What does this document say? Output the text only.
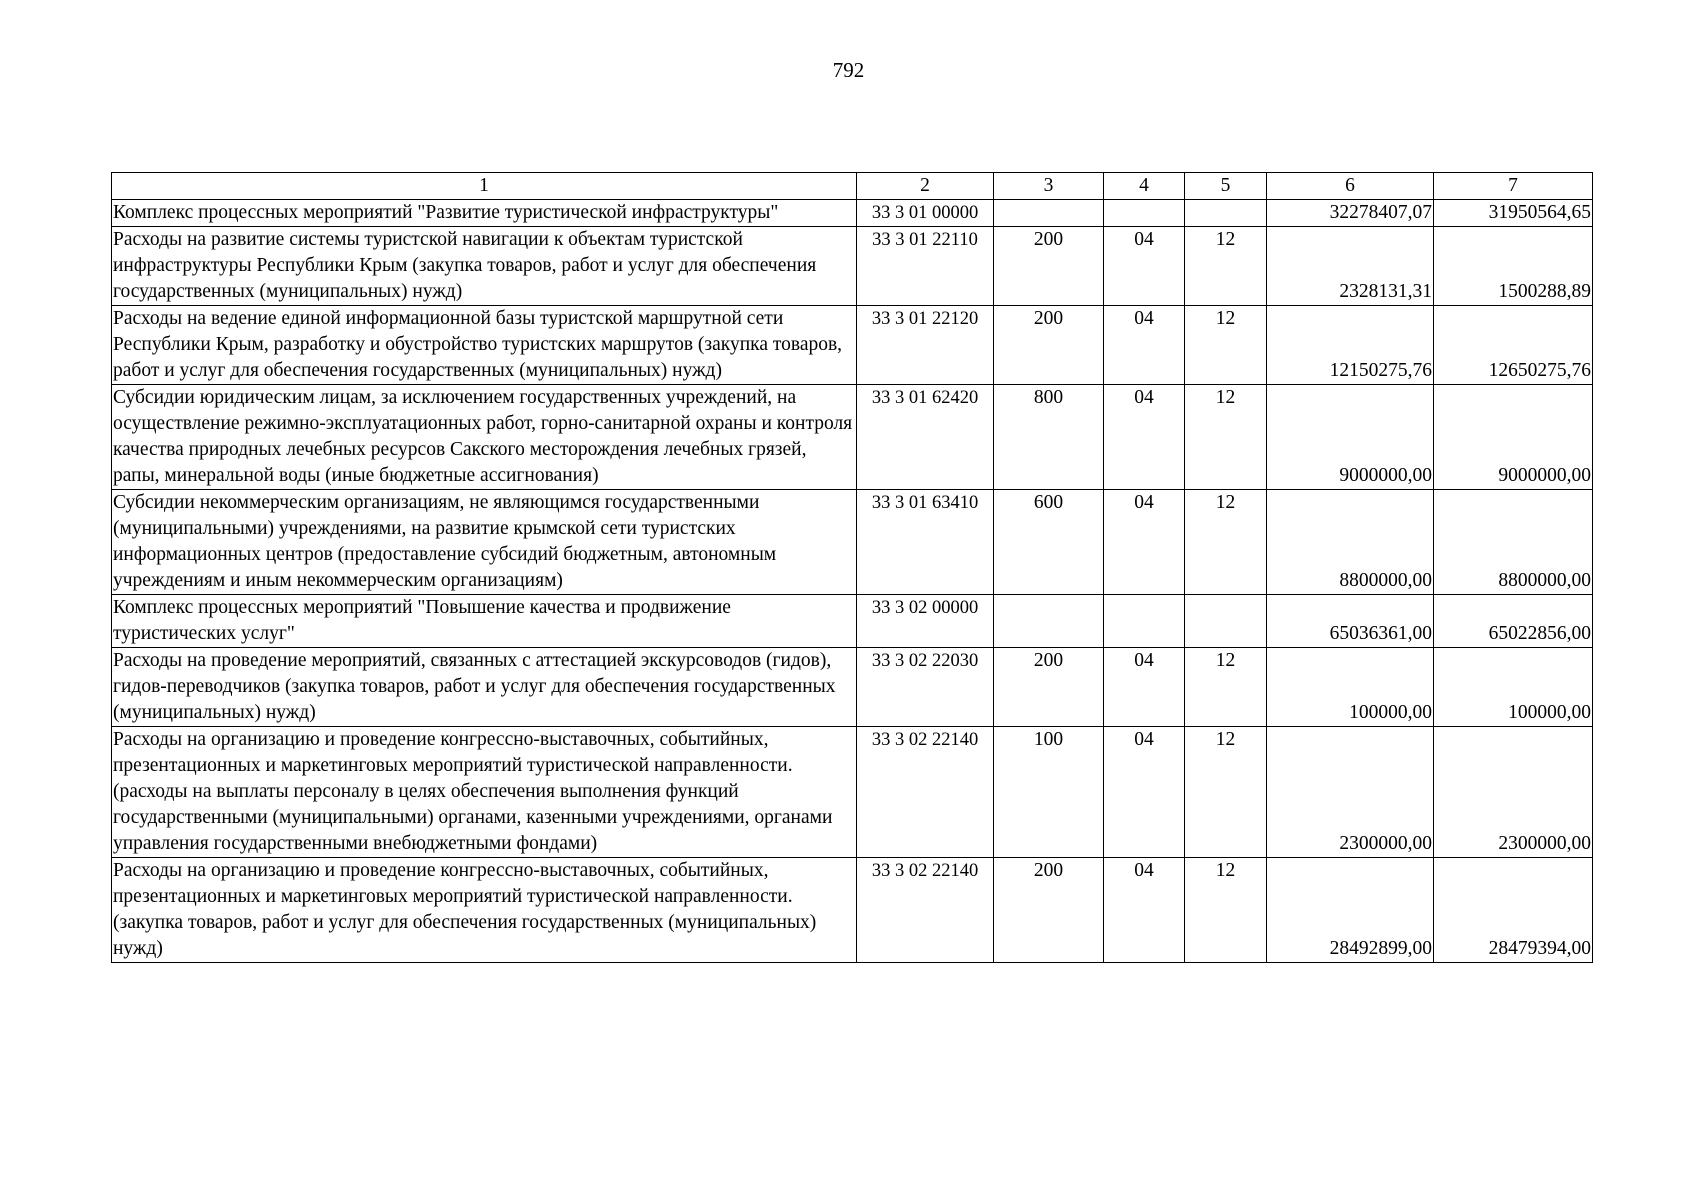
792
1	2	3	4	5	6	7
Комплекс процессных мероприятий "Развитие туристической инфраструктуры"	33 3 01 00000				32278407,07	31950564,65
Расходы на развитие системы туристской навигации к объектам туристской инфраструктуры Республики Крым (закупка товаров, работ и услуг для обеспечения государственных (муниципальных) нужд)	33 3 01 22110	200	04	12	2328131,31	1500288,89
Расходы на ведение единой информационной базы туристской маршрутной сети Республики Крым, разработку и обустройство туристских маршрутов (закупка товаров, работ и услуг для обеспечения государственных (муниципальных) нужд)	33 3 01 22120	200	04	12	12150275,76	12650275,76
Субсидии юридическим лицам, за исключением государственных учреждений, на осуществление режимно-эксплуатационных работ, горно-санитарной охраны и контроля качества природных лечебных ресурсов Сакского месторождения лечебных грязей, рапы, минеральной воды (иные бюджетные ассигнования)	33 3 01 62420	800	04	12	9000000,00	9000000,00
Субсидии некоммерческим организациям, не являющимся государственными (муниципальными) учреждениями, на развитие крымской сети туристских информационных центров (предоставление субсидий бюджетным, автономным учреждениям и иным некоммерческим организациям)	33 3 01 63410	600	04	12	8800000,00	8800000,00
Комплекс процессных мероприятий "Повышение качества и продвижение туристических услуг"	33 3 02 00000				65036361,00	65022856,00
Расходы на проведение мероприятий, связанных с аттестацией экскурсоводов (гидов), гидов-переводчиков (закупка товаров, работ и услуг для обеспечения государственных (муниципальных) нужд)	33 3 02 22030	200	04	12	100000,00	100000,00
Расходы на организацию и проведение конгрессно-выставочных, событийных, презентационных и маркетинговых мероприятий туристической направленности. (расходы на выплаты персоналу в целях обеспечения выполнения функций государственными (муниципальными) органами, казенными учреждениями, органами управления государственными внебюджетными фондами)	33 3 02 22140	100	04	12	2300000,00	2300000,00
Расходы на организацию и проведение конгрессно-выставочных, событийных, презентационных и маркетинговых мероприятий туристической направленности. (закупка товаров, работ и услуг для обеспечения государственных (муниципальных) нужд)	33 3 02 22140	200	04	12	28492899,00	28479394,00
